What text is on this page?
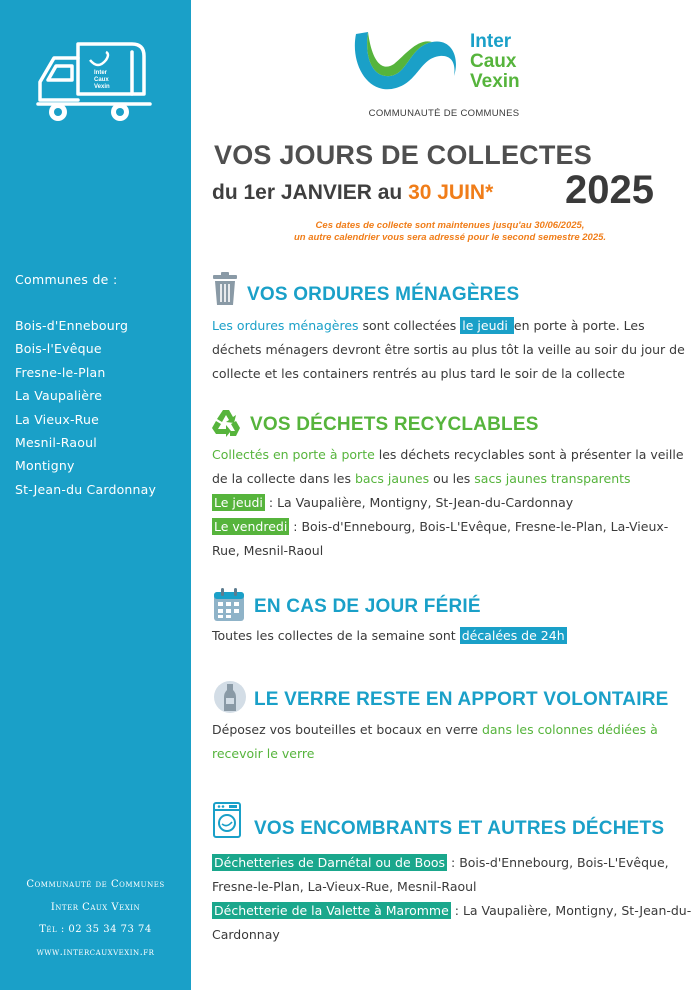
Inter
Caux
Vexin
Communes de :
Bois-d'Ennebourg
Bois-l'Evêque
Fresne-le-Plan
La Vaupalière
La Vieux-Rue
Mesnil-Raoul
Montigny
St-Jean-du Cardonnay
Communauté de Communes
Inter Caux Vexin
Tél : 02 35 34 73 74
www.intercauxvexin.fr
Inter
Caux
Vexin
COMMUNAUTÉ DE COMMUNES
VOS JOURS DE COLLECTES
du 1er JANVIER au 30 JUIN* 2025
Ces dates de collecte sont maintenues jusqu'au 30/06/2025,
un autre calendrier vous sera adressé pour le second semestre 2025.
VOS ORDURES MÉNAGÈRES
Les ordures ménagères sont collectées le jeudi en porte à porte. Les déchets ménagers devront être sortis au plus tôt la veille au soir du jour de collecte et les containers rentrés au plus tard le soir de la collecte
VOS DÉCHETS RECYCLABLES
Collectés en porte à porte les déchets recyclables sont à présenter la veille de la collecte dans les bacs jaunes ou les sacs jaunes transparents
Le jeudi : La Vaupalière, Montigny, St-Jean-du-Cardonnay
Le vendredi : Bois-d'Ennebourg, Bois-L'Evêque, Fresne-le-Plan, La-Vieux-Rue, Mesnil-Raoul
EN CAS DE JOUR FÉRIÉ
Toutes les collectes de la semaine sont décalées de 24h
LE VERRE RESTE EN APPORT VOLONTAIRE
Déposez vos bouteilles et bocaux en verre dans les colonnes dédiées à recevoir le verre
VOS ENCOMBRANTS ET AUTRES DÉCHETS
Déchetteries de Darnétal ou de Boos : Bois-d'Ennebourg, Bois-L'Evêque, Fresne-le-Plan, La-Vieux-Rue, Mesnil-Raoul
Déchetterie de la Valette à Maromme : La Vaupalière, Montigny, St-Jean-du-Cardonnay
